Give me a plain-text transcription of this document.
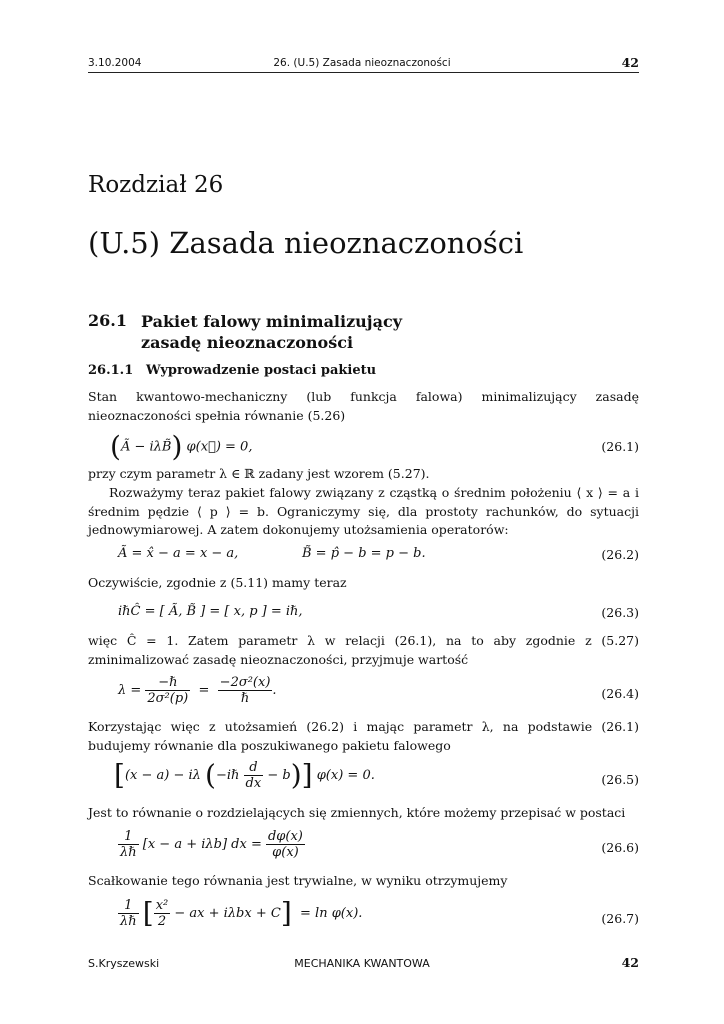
3.10.2004	26. (U.5) Zasada nieoznaczoności	42
Rozdział 26
(U.5) Zasada nieoznaczoności
26.1 Pakiet falowy minimalizujący
zasadę nieoznaczoności
26.1.1 Wyprowadzenie postaci pakietu
Stan kwantowo-mechaniczny (lub funkcja falowa) minimalizujący zasadę nieoznaczoności spełnia równanie (5.26)
(Ã − iλB̃) φ(x⃗) = 0,	(26.1)
przy czym parametr λ ∈ ℝ zadany jest wzorem (5.27).
Rozważymy teraz pakiet falowy związany z cząstką o średnim położeniu ⟨ x ⟩ = a i średnim pędzie ⟨ p ⟩ = b. Ograniczymy się, dla prostoty rachunków, do sytuacji jednowymiarowej. A zatem dokonujemy utożsamienia operatorów:
Ã = x̂ − a = x − a,	B̃ = p̂ − b = p − b.	(26.2)
Oczywiście, zgodnie z (5.11) mamy teraz
iℏĈ = [ Ã, B̃ ] = [ x, p ] = iℏ,	(26.3)
więc Ĉ = 1. Zatem parametr λ w relacji (26.1), na to aby zgodnie z (5.27) zminimalizować zasadę nieoznaczoności, przyjmuje wartość
$\lambda = \frac{\text{−ℏ}}{\text{2σ²(p)}} = \frac{\text{−2σ²(x)}}{\text{ℏ}}$ .	(26.4)
Korzystając więc z utożsamień (26.2) i mając parametr λ, na podstawie (26.1) budujemy równanie dla poszukiwanego pakietu falowego
[(x − a) − iλ (−iℏ $\frac{d}{dx} - b$)] φ(x) = 0.	(26.5)
Jest to równanie o rozdzielających się zmiennych, które możemy przepisać w postaci
$\frac{1}{\text{λℏ}} [x - a + i\lambda b]$ dx = $\frac{d\varphi(x)}{\varphi(x)}$	(26.6)
Scałkowanie tego równania jest trywialne, w wyniku otrzymujemy
$\frac{1}{\text{λℏ}}$ [ $\frac{\text{x²}}{2}$ − ax + iλbx + C] = ln φ(x).	(26.7)
S.Kryszewski	MECHANIKA KWANTOWA	42
